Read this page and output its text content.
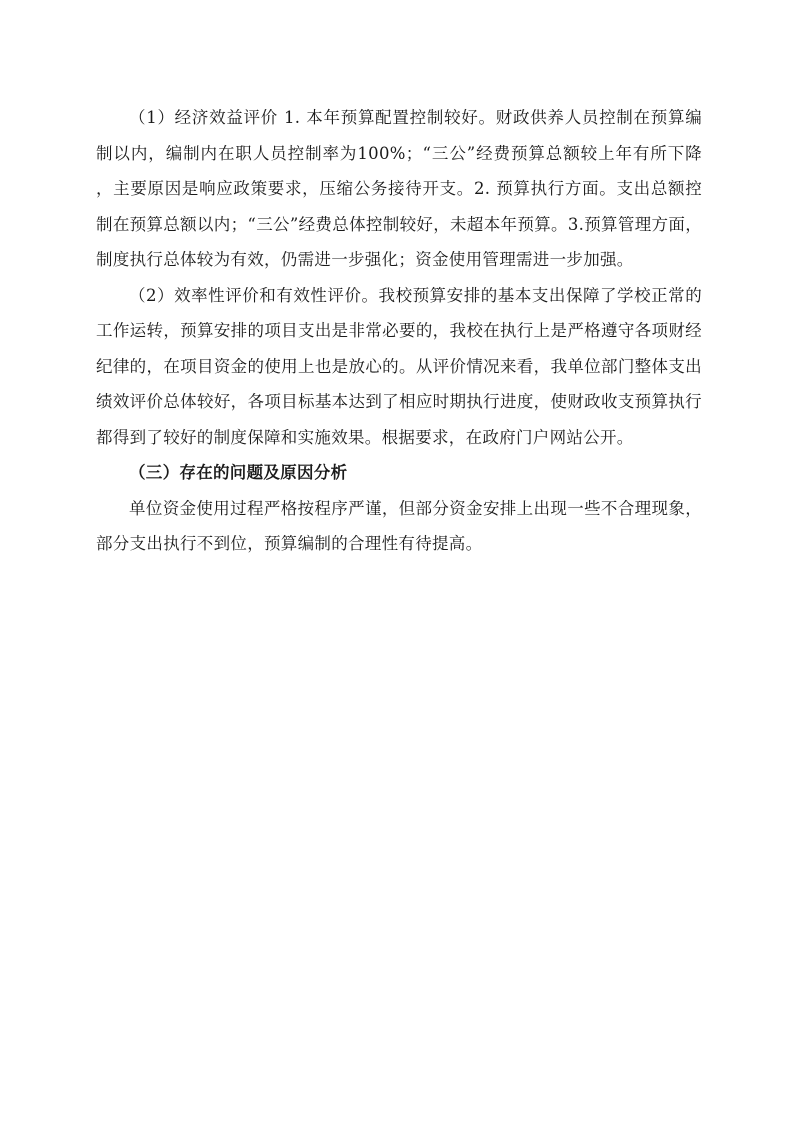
（1）经济效益评价 1. 本年预算配置控制较好。财政供养人员控制在预算编制以内，编制内在职人员控制率为100%；“三公”经费预算总额较上年有所下降 ，主要原因是响应政策要求，压缩公务接待开支。2. 预算执行方面。支出总额控制在预算总额以内；“三公”经费总体控制较好，未超本年预算。3.预算管理方面，制度执行总体较为有效，仍需进一步强化；资金使用管理需进一步加强。

（2）效率性评价和有效性评价。我校预算安排的基本支出保障了学校正常的工作运转，预算安排的项目支出是非常必要的，我校在执行上是严格遵守各项财经纪律的，在项目资金的使用上也是放心的。从评价情况来看，我单位部门整体支出绩效评价总体较好，各项目标基本达到了相应时期执行进度，使财政收支预算执行都得到了较好的制度保障和实施效果。根据要求，在政府门户网站公开。

（三）存在的问题及原因分析

单位资金使用过程严格按程序严谨，但部分资金安排上出现一些不合理现象，部分支出执行不到位，预算编制的合理性有待提高。
